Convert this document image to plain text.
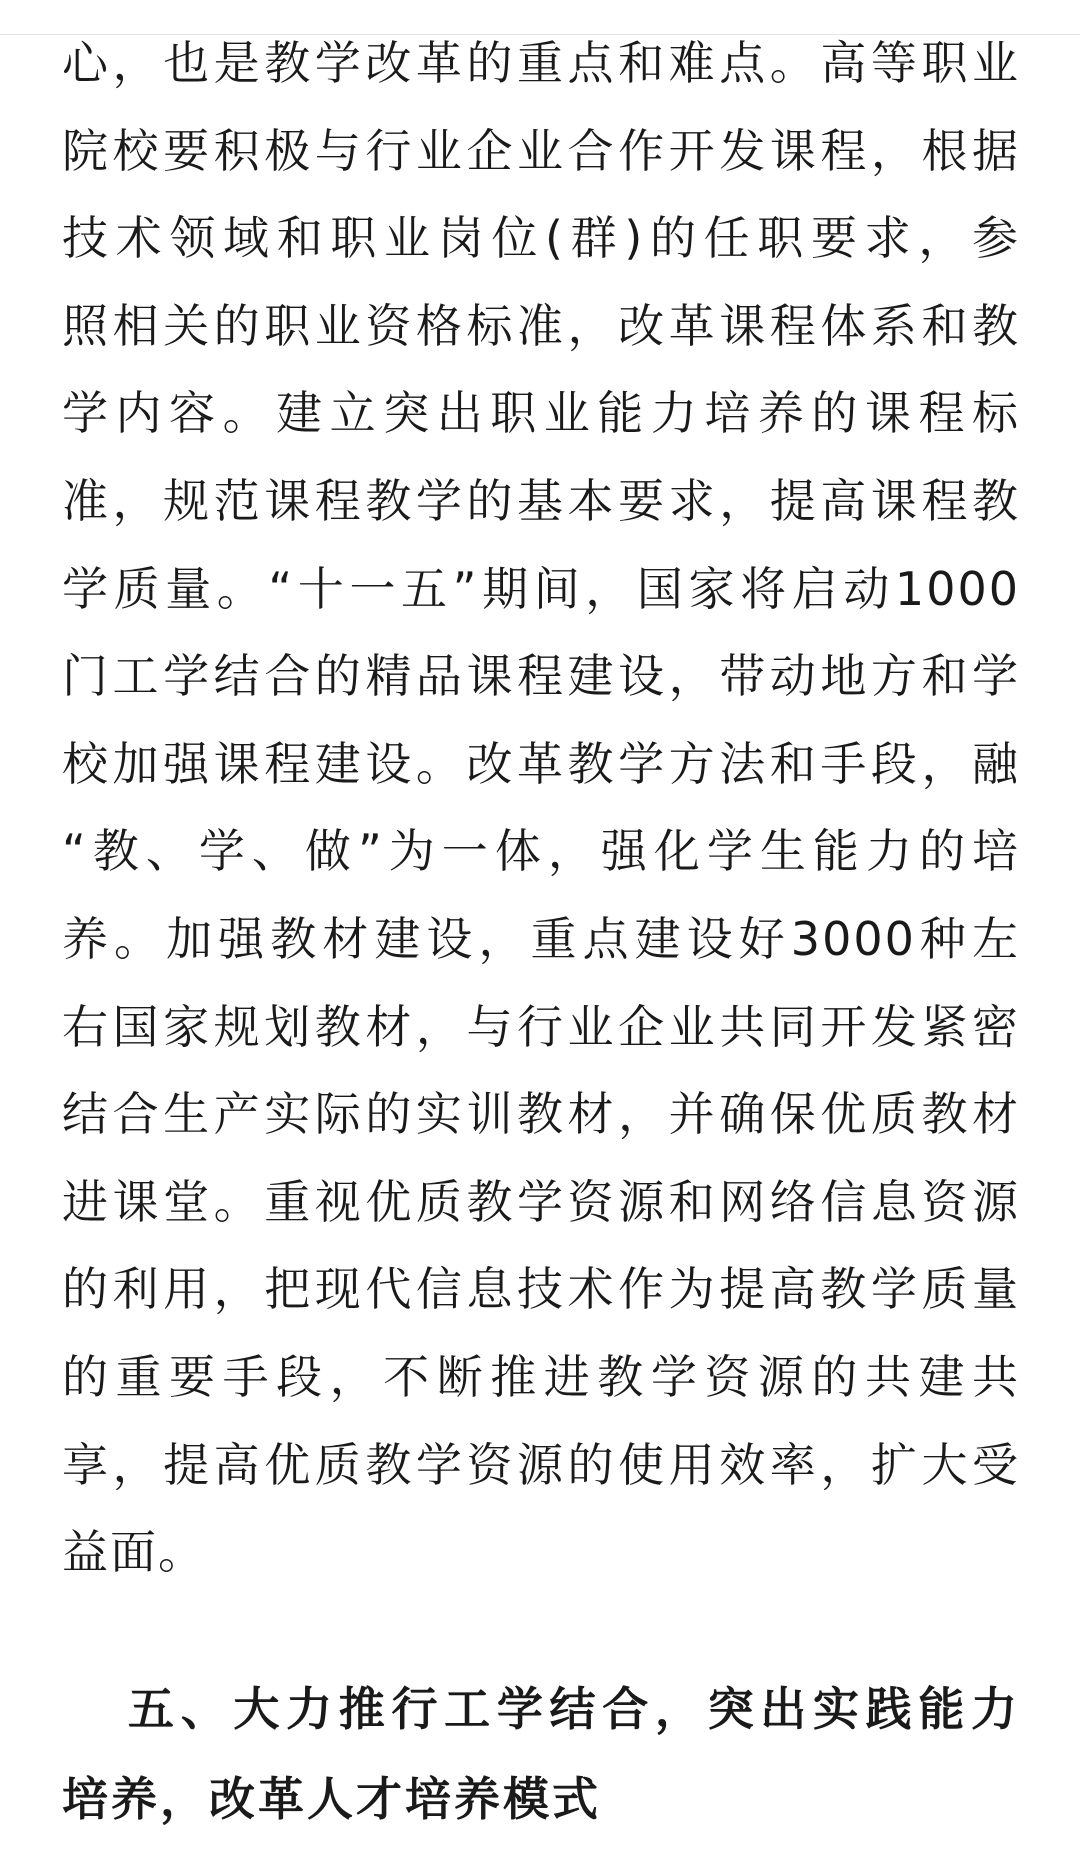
心，也是教学改革的重点和难点。高等职业
院校要积极与行业企业合作开发课程，根据
技术领域和职业岗位(群)的任职要求，参
照相关的职业资格标准，改革课程体系和教
学内容。建立突出职业能力培养的课程标
准，规范课程教学的基本要求，提高课程教
学质量。“十一五”期间，国家将启动1000
门工学结合的精品课程建设，带动地方和学
校加强课程建设。改革教学方法和手段，融
“教、学、做”为一体，强化学生能力的培
养。加强教材建设，重点建设好3000种左
右国家规划教材，与行业企业共同开发紧密
结合生产实际的实训教材，并确保优质教材
进课堂。重视优质教学资源和网络信息资源
的利用，把现代信息技术作为提高教学质量
的重要手段，不断推进教学资源的共建共
享，提高优质教学资源的使用效率，扩大受
益面。
五、大力推行工学结合，突出实践能力
培养，改革人才培养模式
